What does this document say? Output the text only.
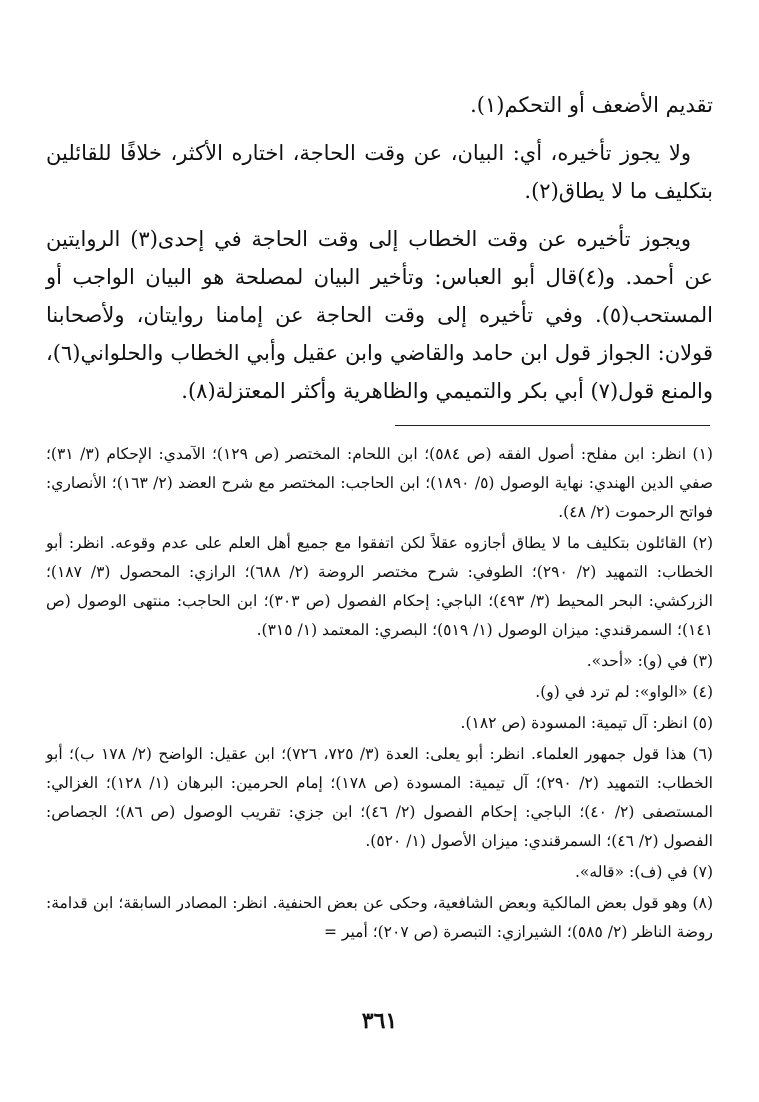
تقديم الأضعف أو التحكم(١).

ولا يجوز تأخيره، أي: البيان، عن وقت الحاجة، اختاره الأكثر، خلافًا للقائلين بتكليف ما لا يطاق(٢).

ويجوز تأخيره عن وقت الخطاب إلى وقت الحاجة في إحدى(٣) الروايتين عن أحمد. و(٤)قال أبو العباس: وتأخير البيان لمصلحة هو البيان الواجب أو المستحب(٥). وفي تأخيره إلى وقت الحاجة عن إمامنا روايتان، ولأصحابنا قولان: الجواز قول ابن حامد والقاضي وابن عقيل وأبي الخطاب والحلواني(٦)، والمنع قول(٧) أبي بكر والتميمي والظاهرية وأكثر المعتزلة(٨).

(١) انظر: ابن مفلح: أصول الفقه (ص ٥٨٤)؛ ابن اللحام: المختصر (ص ١٢٩)؛ الآمدي: الإحكام (٣/ ٣١)؛ صفي الدين الهندي: نهاية الوصول (٥/ ١٨٩٠)؛ ابن الحاجب: المختصر مع شرح العضد (٢/ ١٦٣)؛ الأنصاري: فواتح الرحموت (٢/ ٤٨).

(٢) القائلون بتكليف ما لا يطاق أجازوه عقلاً لكن اتفقوا مع جميع أهل العلم على عدم وقوعه. انظر: أبو الخطاب: التمهيد (٢/ ٢٩٠)؛ الطوفي: شرح مختصر الروضة (٢/ ٦٨٨)؛ الرازي: المحصول (٣/ ١٨٧)؛ الزركشي: البحر المحيط (٣/ ٤٩٣)؛ الباجي: إحكام الفصول (ص ٣٠٣)؛ ابن الحاجب: منتهى الوصول (ص ١٤١)؛ السمرقندي: ميزان الوصول (١/ ٥١٩)؛ البصري: المعتمد (١/ ٣١٥).

(٣) في (و): «أحد».

(٤) «الواو»: لم ترد في (و).

(٥) انظر: آل تيمية: المسودة (ص ١٨٢).

(٦) هذا قول جمهور العلماء. انظر: أبو يعلى: العدة (٣/ ٧٢٥، ٧٢٦)؛ ابن عقيل: الواضح (٢/ ١٧٨ ب)؛ أبو الخطاب: التمهيد (٢/ ٢٩٠)؛ آل تيمية: المسودة (ص ١٧٨)؛ إمام الحرمين: البرهان (١/ ١٢٨)؛ الغزالي: المستصفى (٢/ ٤٠)؛ الباجي: إحكام الفصول (٢/ ٤٦)؛ ابن جزي: تقريب الوصول (ص ٨٦)؛ الجصاص: الفصول (٢/ ٤٦)؛ السمرقندي: ميزان الأصول (١/ ٥٢٠).

(٧) في (ف): «قاله».

(٨) وهو قول بعض المالكية وبعض الشافعية، وحكى عن بعض الحنفية. انظر: المصادر السابقة؛ ابن قدامة: روضة الناظر (٢/ ٥٨٥)؛ الشيرازي: التبصرة (ص ٢٠٧)؛ أمير =

٣٦١
